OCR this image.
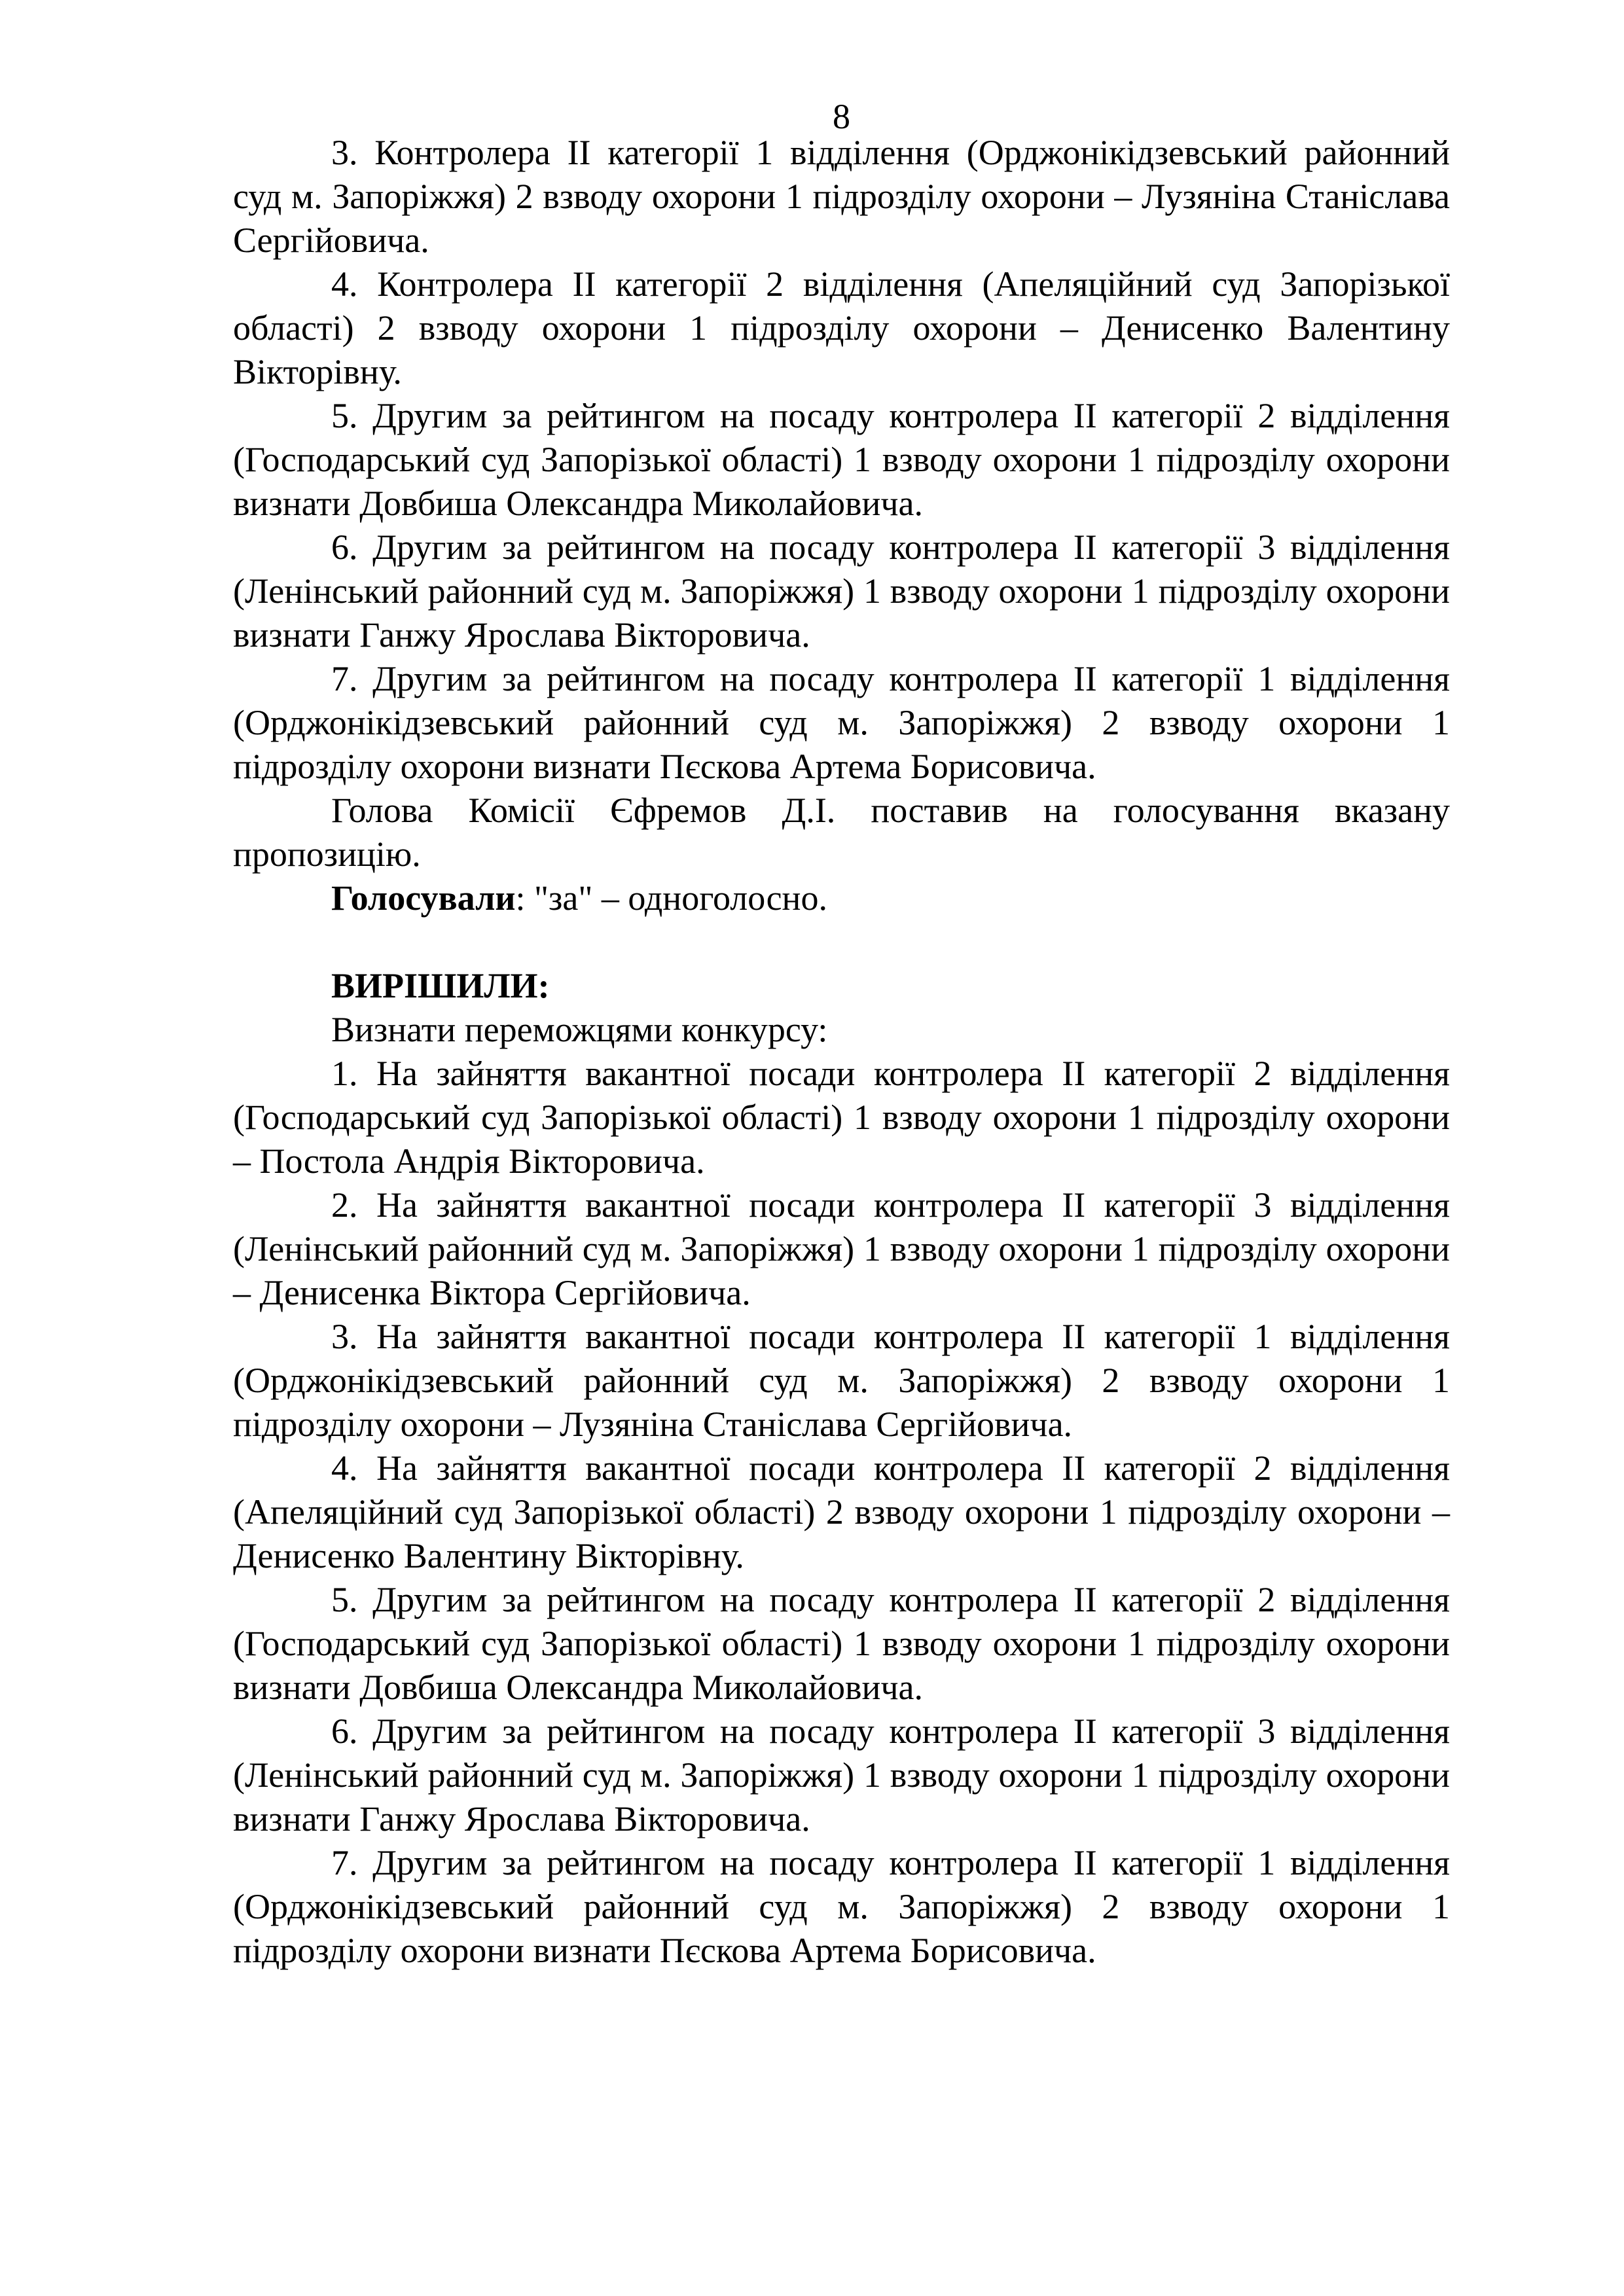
8

3. Контролера ІІ категорії 1 відділення (Орджонікідзевський районний суд м. Запоріжжя) 2 взводу охорони 1 підрозділу охорони – Лузяніна Станіслава Сергійовича.

4. Контролера ІІ категорії 2 відділення (Апеляційний суд Запорізької області) 2 взводу охорони 1 підрозділу охорони – Денисенко Валентину Вікторівну.

5. Другим за рейтингом на посаду контролера ІІ категорії 2 відділення (Господарський суд Запорізької області) 1 взводу охорони 1 підрозділу охорони визнати Довбиша Олександра Миколайовича.

6. Другим за рейтингом на посаду контролера ІІ категорії 3 відділення (Ленінський районний суд м. Запоріжжя) 1 взводу охорони 1 підрозділу охорони визнати Ганжу Ярослава Вікторовича.

7. Другим за рейтингом на посаду контролера ІІ категорії 1 відділення (Орджонікідзевський районний суд м. Запоріжжя) 2 взводу охорони 1 підрозділу охорони визнати Пєскова Артема Борисовича.

Голова Комісії Єфремов Д.І. поставив на голосування вказану пропозицію.

Голосували: "за" – одноголосно.

ВИРІШИЛИ:

Визнати переможцями конкурсу:

1. На зайняття вакантної посади контролера ІІ категорії 2 відділення (Господарський суд Запорізької області) 1 взводу охорони 1 підрозділу охорони – Постола Андрія Вікторовича.

2. На зайняття вакантної посади контролера ІІ категорії 3 відділення (Ленінський районний суд м. Запоріжжя) 1 взводу охорони 1 підрозділу охорони – Денисенка Віктора Сергійовича.

3. На зайняття вакантної посади контролера ІІ категорії 1 відділення (Орджонікідзевський районний суд м. Запоріжжя) 2 взводу охорони 1 підрозділу охорони – Лузяніна Станіслава Сергійовича.

4. На зайняття вакантної посади контролера ІІ категорії 2 відділення (Апеляційний суд Запорізької області) 2 взводу охорони 1 підрозділу охорони – Денисенко Валентину Вікторівну.

5. Другим за рейтингом на посаду контролера ІІ категорії 2 відділення (Господарський суд Запорізької області) 1 взводу охорони 1 підрозділу охорони визнати Довбиша Олександра Миколайовича.

6. Другим за рейтингом на посаду контролера ІІ категорії 3 відділення (Ленінський районний суд м. Запоріжжя) 1 взводу охорони 1 підрозділу охорони визнати Ганжу Ярослава Вікторовича.

7. Другим за рейтингом на посаду контролера ІІ категорії 1 відділення (Орджонікідзевський районний суд м. Запоріжжя) 2 взводу охорони 1 підрозділу охорони визнати Пєскова Артема Борисовича.
